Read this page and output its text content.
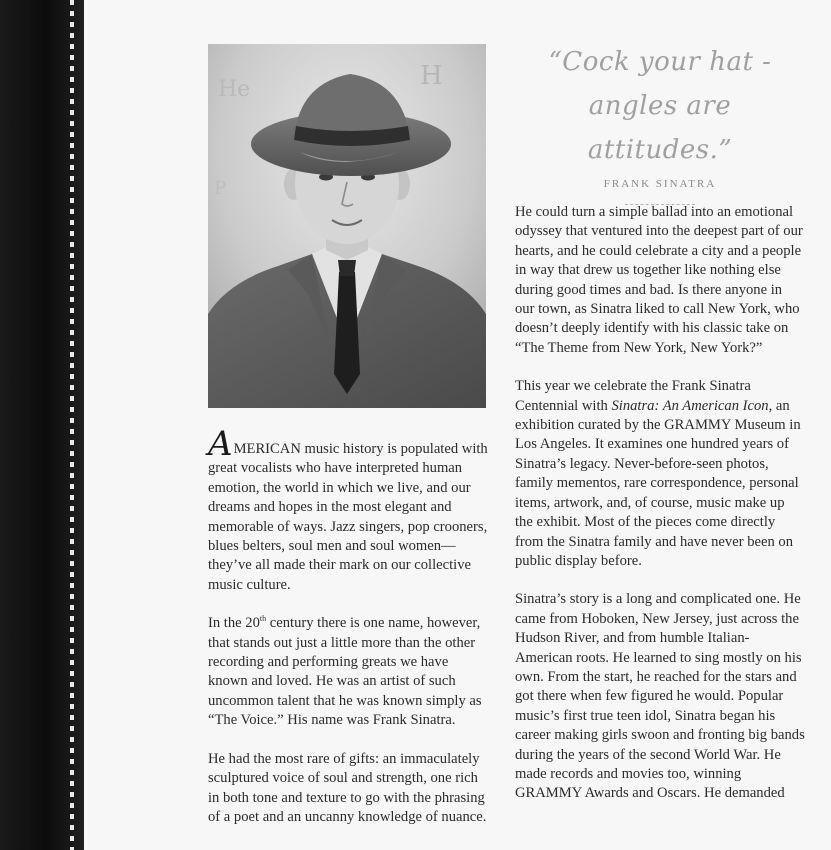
He	H
P
“Cock your hat -
angles are attitudes.”
FRANK SINATRA

AMERICAN music history is populated with great vocalists who have interpreted human emotion, the world in which we live, and our dreams and hopes in the most elegant and memorable of ways. Jazz singers, pop crooners, blues belters, soul men and soul women—they’ve all made their mark on our collective music culture.

In the 20th century there is one name, however, that stands out just a little more than the other recording and performing greats we have known and loved. He was an artist of such uncommon talent that he was known simply as “The Voice.” His name was Frank Sinatra.

He had the most rare of gifts: an immaculately sculptured voice of soul and strength, one rich in both tone and texture to go with the phrasing of a poet and an uncanny knowledge of nuance.

He could turn a simple ballad into an emotional odyssey that ventured into the deepest part of our hearts, and he could celebrate a city and a people in way that drew us together like nothing else during good times and bad. Is there anyone in our town, as Sinatra liked to call New York, who doesn’t deeply identify with his classic take on “The Theme from New York, New York?”

This year we celebrate the Frank Sinatra Centennial with Sinatra: An American Icon, an exhibition curated by the GRAMMY Museum in Los Angeles. It examines one hundred years of Sinatra’s legacy. Never-before-seen photos, family mementos, rare correspondence, personal items, artwork, and, of course, music make up the exhibit. Most of the pieces come directly from the Sinatra family and have never been on public display before.

Sinatra’s story is a long and complicated one. He came from Hoboken, New Jersey, just across the Hudson River, and from humble Italian-American roots. He learned to sing mostly on his own. From the start, he reached for the stars and got there when few figured he would. Popular music’s first true teen idol, Sinatra began his career making girls swoon and fronting big bands during the years of the second World War. He made records and movies too, winning GRAMMY Awards and Oscars. He demanded
